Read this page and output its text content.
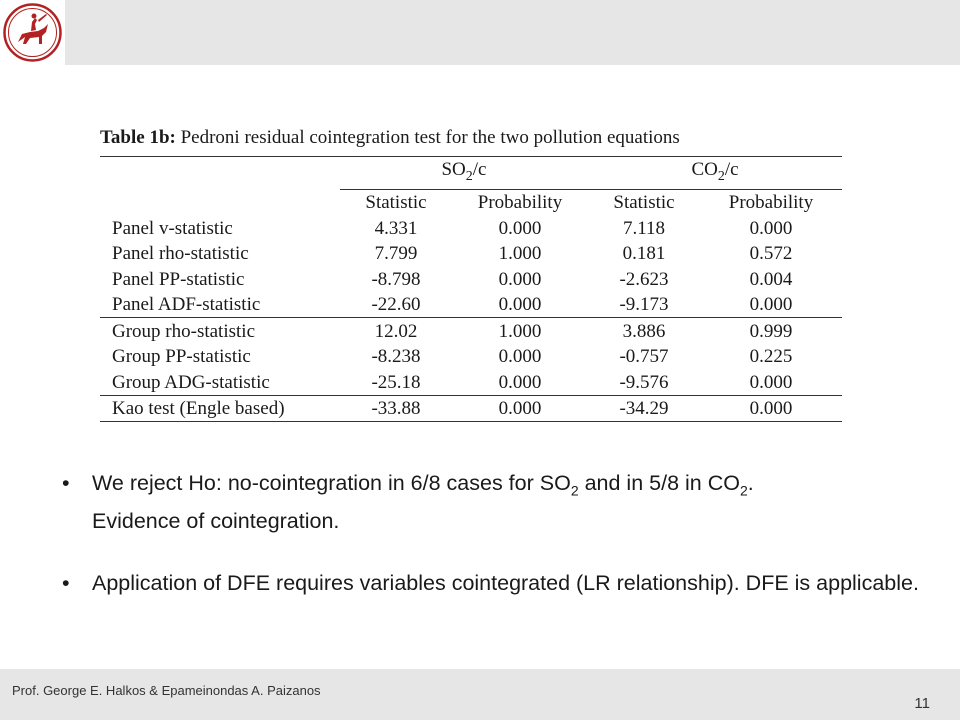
Table 1b: Pedroni residual cointegration test for the two pollution equations
	$SO_2/c$		$CO_2/c$	
	Statistic	Probability	Statistic	Probability
Panel v-statistic	4.331	0.000	7.118	0.000
Panel rho-statistic	7.799	1.000	0.181	0.572
Panel PP-statistic	-8.798	0.000	-2.623	0.004
Panel ADF-statistic	-22.60	0.000	-9.173	0.000
Group rho-statistic	12.02	1.000	3.886	0.999
Group PP-statistic	-8.238	0.000	-0.757	0.225
Group ADG-statistic	-25.18	0.000	-9.576	0.000
Kao test (Engle based)	-33.88	0.000	-34.29	0.000
• We reject Ho: no-cointegration in 6/8 cases for $SO_2$ and in 5/8 in $CO_2$.
Evidence of cointegration.

• Application of DFE requires variables cointegrated (LR relationship). DFE is applicable.

Prof. George E. Halkos & Epameinondas A. Paizanos
11
